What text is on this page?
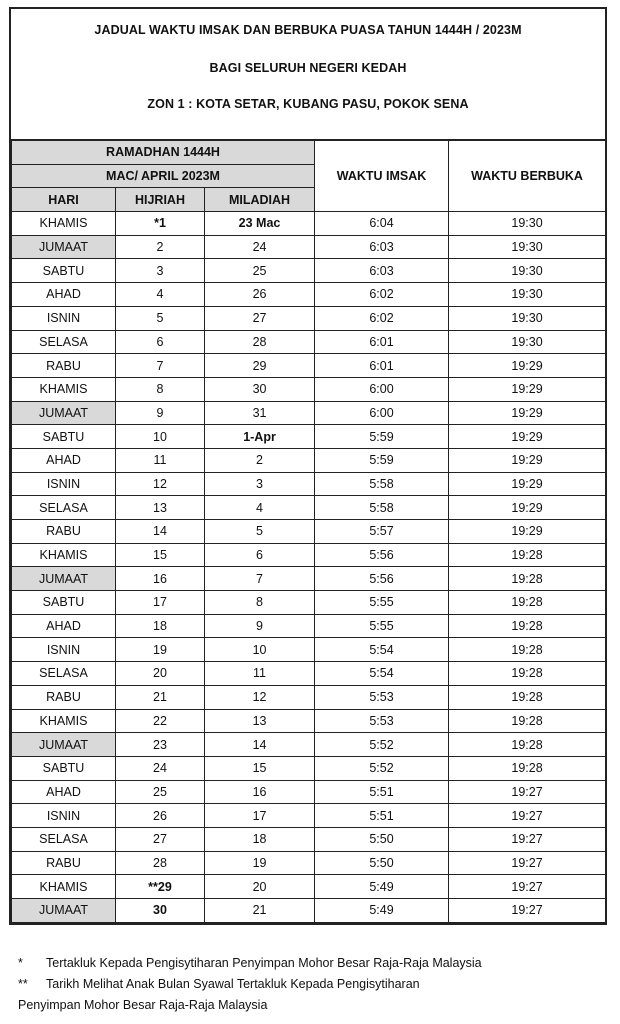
JADUAL WAKTU IMSAK DAN BERBUKA PUASA TAHUN 1444H / 2023M
BAGI SELURUH NEGERI KEDAH
ZON 1 : KOTA SETAR, KUBANG PASU, POKOK SENA
RAMADHAN 1444H			WAKTU IMSAK	WAKTU BERBUKA
MAC/ APRIL 2023M				
HARI	HIJRIAH	MILADIAH		
KHAMIS	*1	23 Mac	6:04	19:30
JUMAAT	2	24	6:03	19:30
SABTU	3	25	6:03	19:30
AHAD	4	26	6:02	19:30
ISNIN	5	27	6:02	19:30
SELASA	6	28	6:01	19:30
RABU	7	29	6:01	19:29
KHAMIS	8	30	6:00	19:29
JUMAAT	9	31	6:00	19:29
SABTU	10	1-Apr	5:59	19:29
AHAD	11	2	5:59	19:29
ISNIN	12	3	5:58	19:29
SELASA	13	4	5:58	19:29
RABU	14	5	5:57	19:29
KHAMIS	15	6	5:56	19:28
JUMAAT	16	7	5:56	19:28
SABTU	17	8	5:55	19:28
AHAD	18	9	5:55	19:28
ISNIN	19	10	5:54	19:28
SELASA	20	11	5:54	19:28
RABU	21	12	5:53	19:28
KHAMIS	22	13	5:53	19:28
JUMAAT	23	14	5:52	19:28
SABTU	24	15	5:52	19:28
AHAD	25	16	5:51	19:27
ISNIN	26	17	5:51	19:27
SELASA	27	18	5:50	19:27
RABU	28	19	5:50	19:27
KHAMIS	**29	20	5:49	19:27
JUMAAT	30	21	5:49	19:27
* Tertakluk Kepada Pengisytiharan Penyimpan Mohor Besar Raja-Raja Malaysia
** Tarikh Melihat Anak Bulan Syawal Tertakluk Kepada Pengisytiharan
Penyimpan Mohor Besar Raja-Raja Malaysia
